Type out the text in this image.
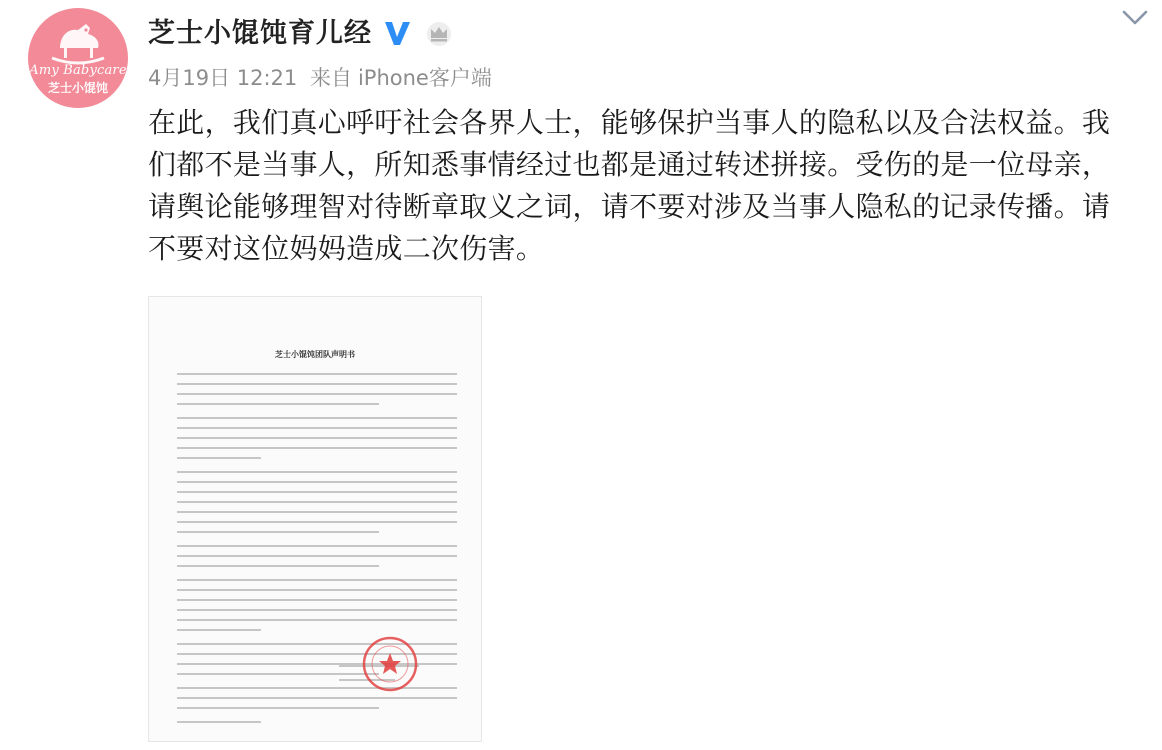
Amy Babycare
芝士小馄饨
芝士小馄饨育儿经
4月19日 12:21 来自 iPhone客户端
在此，我们真心呼吁社会各界人士，能够保护当事人的隐私以及合法权益。我们都不是当事人，所知悉事情经过也都是通过转述拼接。受伤的是一位母亲，请舆论能够理智对待断章取义之词，请不要对涉及当事人隐私的记录传播。请不要对这位妈妈造成二次伤害。
芝士小馄饨团队声明书
